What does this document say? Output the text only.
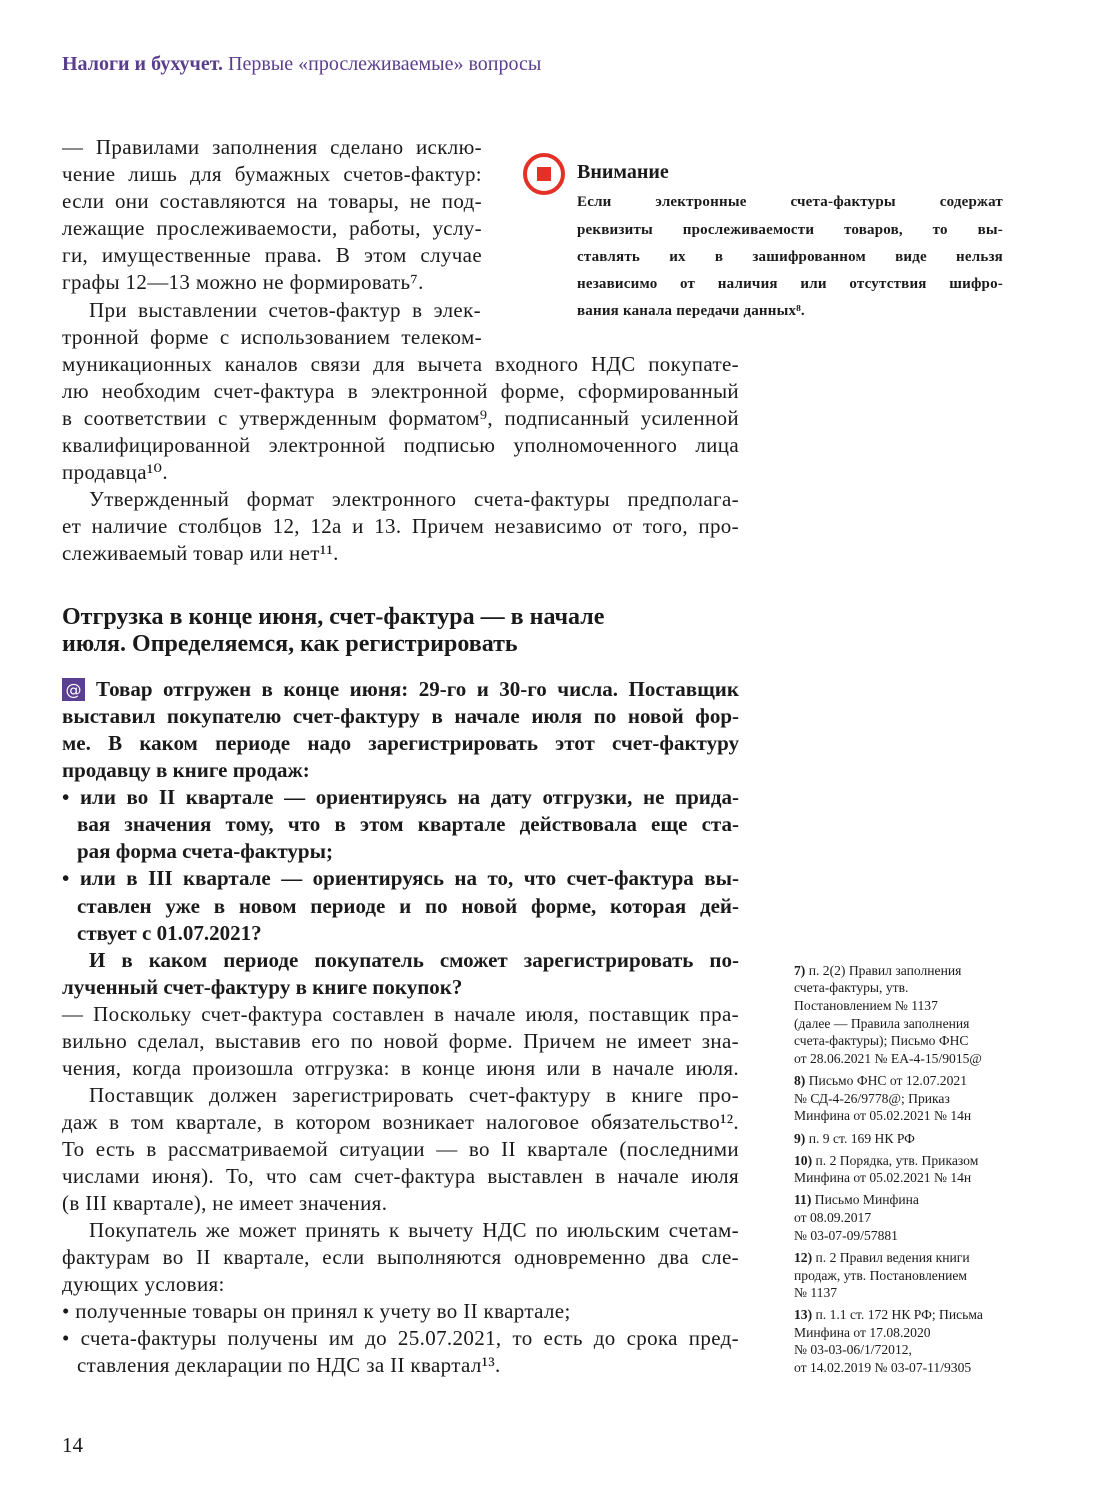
Налоги и бухучет. Первые «прослеживаемые» вопросы
Внимание
@
— Правилами заполнения сделано исклю-
чение лишь для бумажных счетов-фактур:
если они составляются на товары, не под-
лежащие прослеживаемости, работы, услу-
ги, имущественные права. В этом случае
графы 12—13 можно не формировать⁷.
При выставлении счетов-фактур в элек-
тронной форме с использованием телеком-
муникационных каналов связи для вычета входного НДС покупате-
лю необходим счет-фактура в электронной форме, сформированный
в соответствии с утвержденным форматом⁹, подписанный усиленной
квалифицированной электронной подписью уполномоченного лица
продавца¹⁰.
Утвержденный формат электронного счета-фактуры предполага-
ет наличие столбцов 12, 12а и 13. Причем независимо от того, про-
слеживаемый товар или нет¹¹.
Отгрузка в конце июня, счет-фактура — в начале
июля. Определяемся, как регистрировать
Товар отгружен в конце июня: 29-го и 30-го числа. Поставщик
выставил покупателю счет-фактуру в начале июля по новой фор-
ме. В каком периоде надо зарегистрировать этот счет-фактуру
продавцу в книге продаж:
• или во II квартале — ориентируясь на дату отгрузки, не прида-
вая значения тому, что в этом квартале действовала еще ста-
рая форма счета-фактуры;
• или в III квартале — ориентируясь на то, что счет-фактура вы-
ставлен уже в новом периоде и по новой форме, которая дей-
ствует с 01.07.2021?
И в каком периоде покупатель сможет зарегистрировать по-
лученный счет-фактуру в книге покупок?
— Поскольку счет-фактура составлен в начале июля, поставщик пра-
вильно сделал, выставив его по новой форме. Причем не имеет зна-
чения, когда произошла отгрузка: в конце июня или в начале июля.
Поставщик должен зарегистрировать счет-фактуру в книге про-
даж в том квартале, в котором возникает налоговое обязательство¹².
То есть в рассматриваемой ситуации — во II квартале (последними
числами июня). То, что сам счет-фактура выставлен в начале июля
(в III квартале), не имеет значения.
Покупатель же может принять к вычету НДС по июльским счетам-
фактурам во II квартале, если выполняются одновременно два сле-
дующих условия:
• полученные товары он принял к учету во II квартале;
• счета-фактуры получены им до 25.07.2021, то есть до срока пред-
ставления декларации по НДС за II квартал¹³.
Если электронные счета-фактуры содержат
реквизиты прослеживаемости товаров, то вы-
ставлять их в зашифрованном виде нельзя
независимо от наличия или отсутствия шифро-
вания канала передачи данных⁸.
7) п. 2(2) Правил заполнения
счета-фактуры, утв.
Постановлением № 1137
(далее — Правила заполнения
счета-фактуры); Письмо ФНС
от 28.06.2021 № ЕА-4-15/9015@
8) Письмо ФНС от 12.07.2021
№ СД-4-26/9778@; Приказ
Минфина от 05.02.2021 № 14н
9) п. 9 ст. 169 НК РФ
10) п. 2 Порядка, утв. Приказом
Минфина от 05.02.2021 № 14н
11) Письмо Минфина
от 08.09.2017
№ 03-07-09/57881
12) п. 2 Правил ведения книги
продаж, утв. Постановлением
№ 1137
13) п. 1.1 ст. 172 НК РФ; Письма
Минфина от 17.08.2020
№ 03-03-06/1/72012,
от 14.02.2019 № 03-07-11/9305
14
